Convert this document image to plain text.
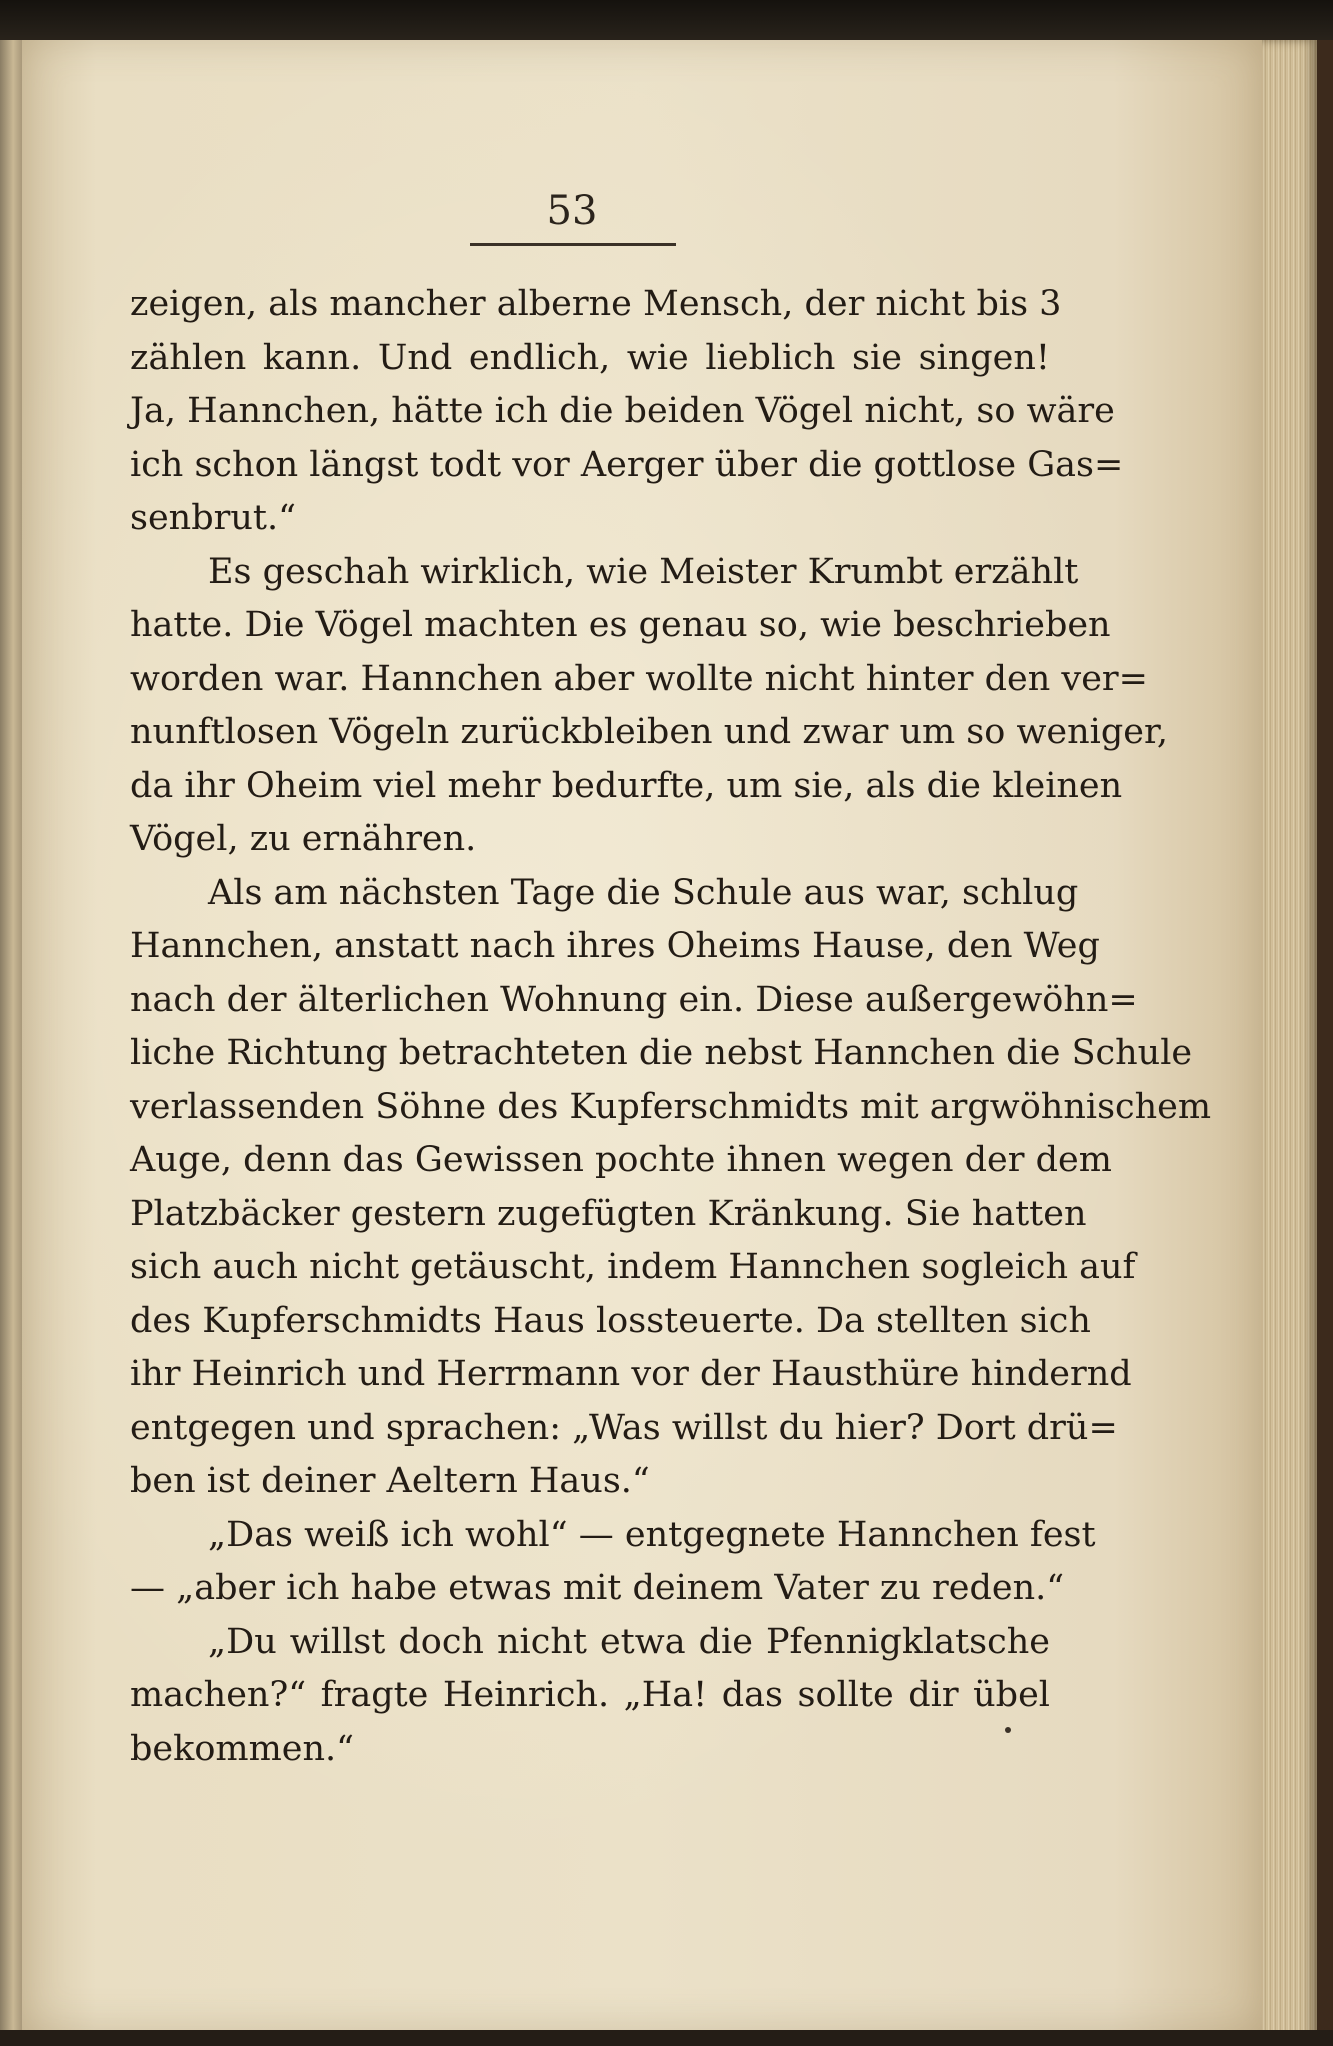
53
zeigen, als mancher alberne Mensch, der nicht bis 3
zählen kann. Und endlich, wie lieblich sie singen!
Ja, Hannchen, hätte ich die beiden Vögel nicht, so wäre
ich schon längst todt vor Aerger über die gottlose Gas=
senbrut.“
Es geschah wirklich, wie Meister Krumbt erzählt
hatte. Die Vögel machten es genau so, wie beschrieben
worden war. Hannchen aber wollte nicht hinter den ver=
nunftlosen Vögeln zurückbleiben und zwar um so weniger,
da ihr Oheim viel mehr bedurfte, um sie, als die kleinen
Vögel, zu ernähren.
Als am nächsten Tage die Schule aus war, schlug
Hannchen, anstatt nach ihres Oheims Hause, den Weg
nach der älterlichen Wohnung ein. Diese außergewöhn=
liche Richtung betrachteten die nebst Hannchen die Schule
verlassenden Söhne des Kupferschmidts mit argwöhnischem
Auge, denn das Gewissen pochte ihnen wegen der dem
Platzbäcker gestern zugefügten Kränkung. Sie hatten
sich auch nicht getäuscht, indem Hannchen sogleich auf
des Kupferschmidts Haus lossteuerte. Da stellten sich
ihr Heinrich und Herrmann vor der Hausthüre hindernd
entgegen und sprachen: „Was willst du hier? Dort drü=
ben ist deiner Aeltern Haus.“
„Das weiß ich wohl“ — entgegnete Hannchen fest
— „aber ich habe etwas mit deinem Vater zu reden.“
„Du willst doch nicht etwa die Pfennigklatsche
machen?“ fragte Heinrich. „Ha! das sollte dir übel
bekommen.“
